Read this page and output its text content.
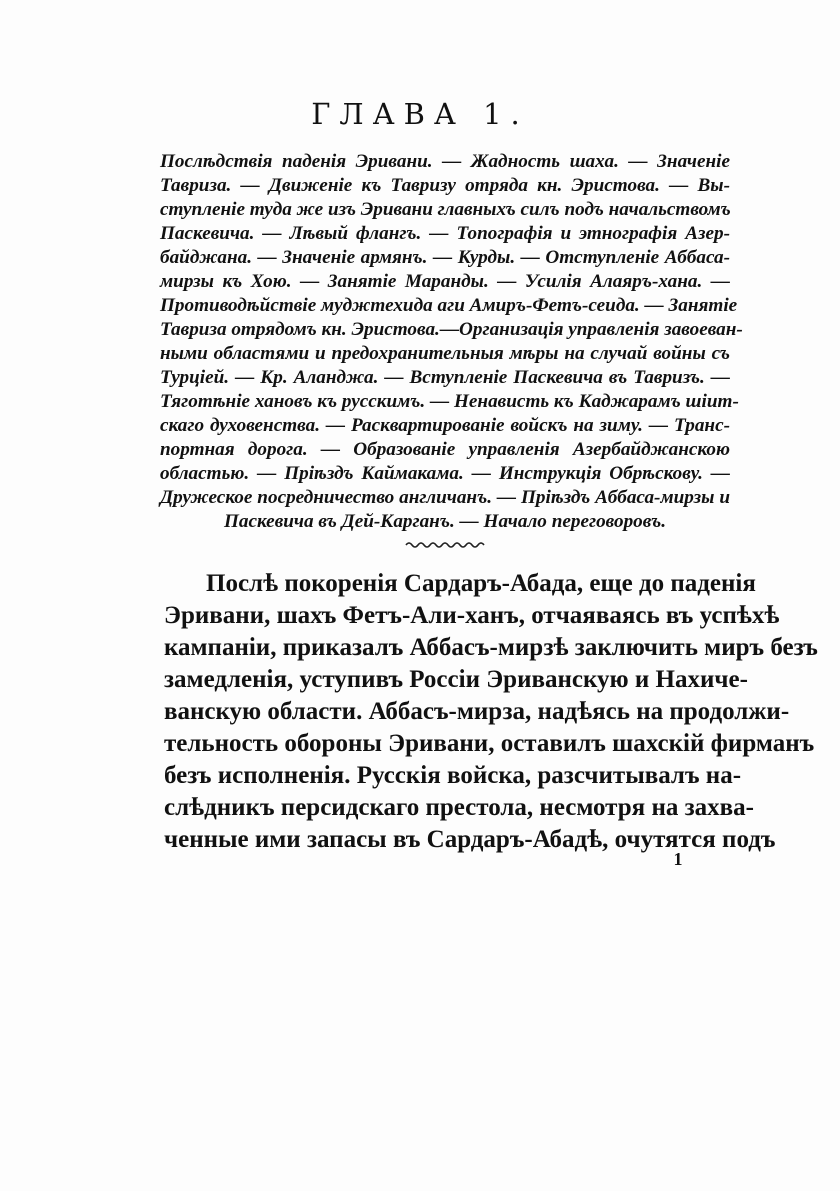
ГЛАВА 1.
Послѣдствія паденія Эривани. — Жадность шаха. — Значеніе
Тавриза. — Движеніе къ Тавризу отряда кн. Эристова. — Вы-
ступленіе туда же изъ Эривани главныхъ силъ подъ начальствомъ
Паскевича. — Лѣвый флангъ. — Топографія и этнографія Азер-
байджана. — Значеніе армянъ. — Курды. — Отступленіе Аббаса-
мирзы къ Хою. — Занятіе Маранды. — Усилія Алаяръ-хана. —
Противодѣйствіе муджтехида аги Амиръ-Фетъ-сеида. — Занятіе
Тавриза отрядомъ кн. Эристова.—Организація управленія завоеван-
ными областями и предохранительныя мѣры на случай войны съ
Турціей. — Кр. Аланджа. — Вступленіе Паскевича въ Тавризъ. —
Тяготѣніе хановъ къ русскимъ. — Ненависть къ Каджарамъ шіит-
скаго духовенства. — Расквартированіе войскъ на зиму. — Транс-
портная дорога. — Образованіе управленія Азербайджанскою
областью. — Пріѣздъ Каймакама. — Инструкція Обрѣскову. —
Дружеское посредничество англичанъ. — Пріѣздъ Аббаса-мирзы и
Паскевича въ Дей-Карганъ. — Начало переговоровъ.
Послѣ покоренія Сардаръ-Абада, еще до паденія
Эривани, шахъ Фетъ-Али-ханъ, отчаяваясь въ успѣхѣ
кампаніи, приказалъ Аббасъ-мирзѣ заключить миръ безъ
замедленія, уступивъ Россіи Эриванскую и Нахиче-
ванскую области. Аббасъ-мирза, надѣясь на продолжи-
тельность обороны Эривани, оставилъ шахскій фирманъ
безъ исполненія. Русскія войска, разсчитывалъ на-
слѣдникъ персидскаго престола, несмотря на захва-
ченные ими запасы въ Сардаръ-Абадѣ, очутятся подъ
1
